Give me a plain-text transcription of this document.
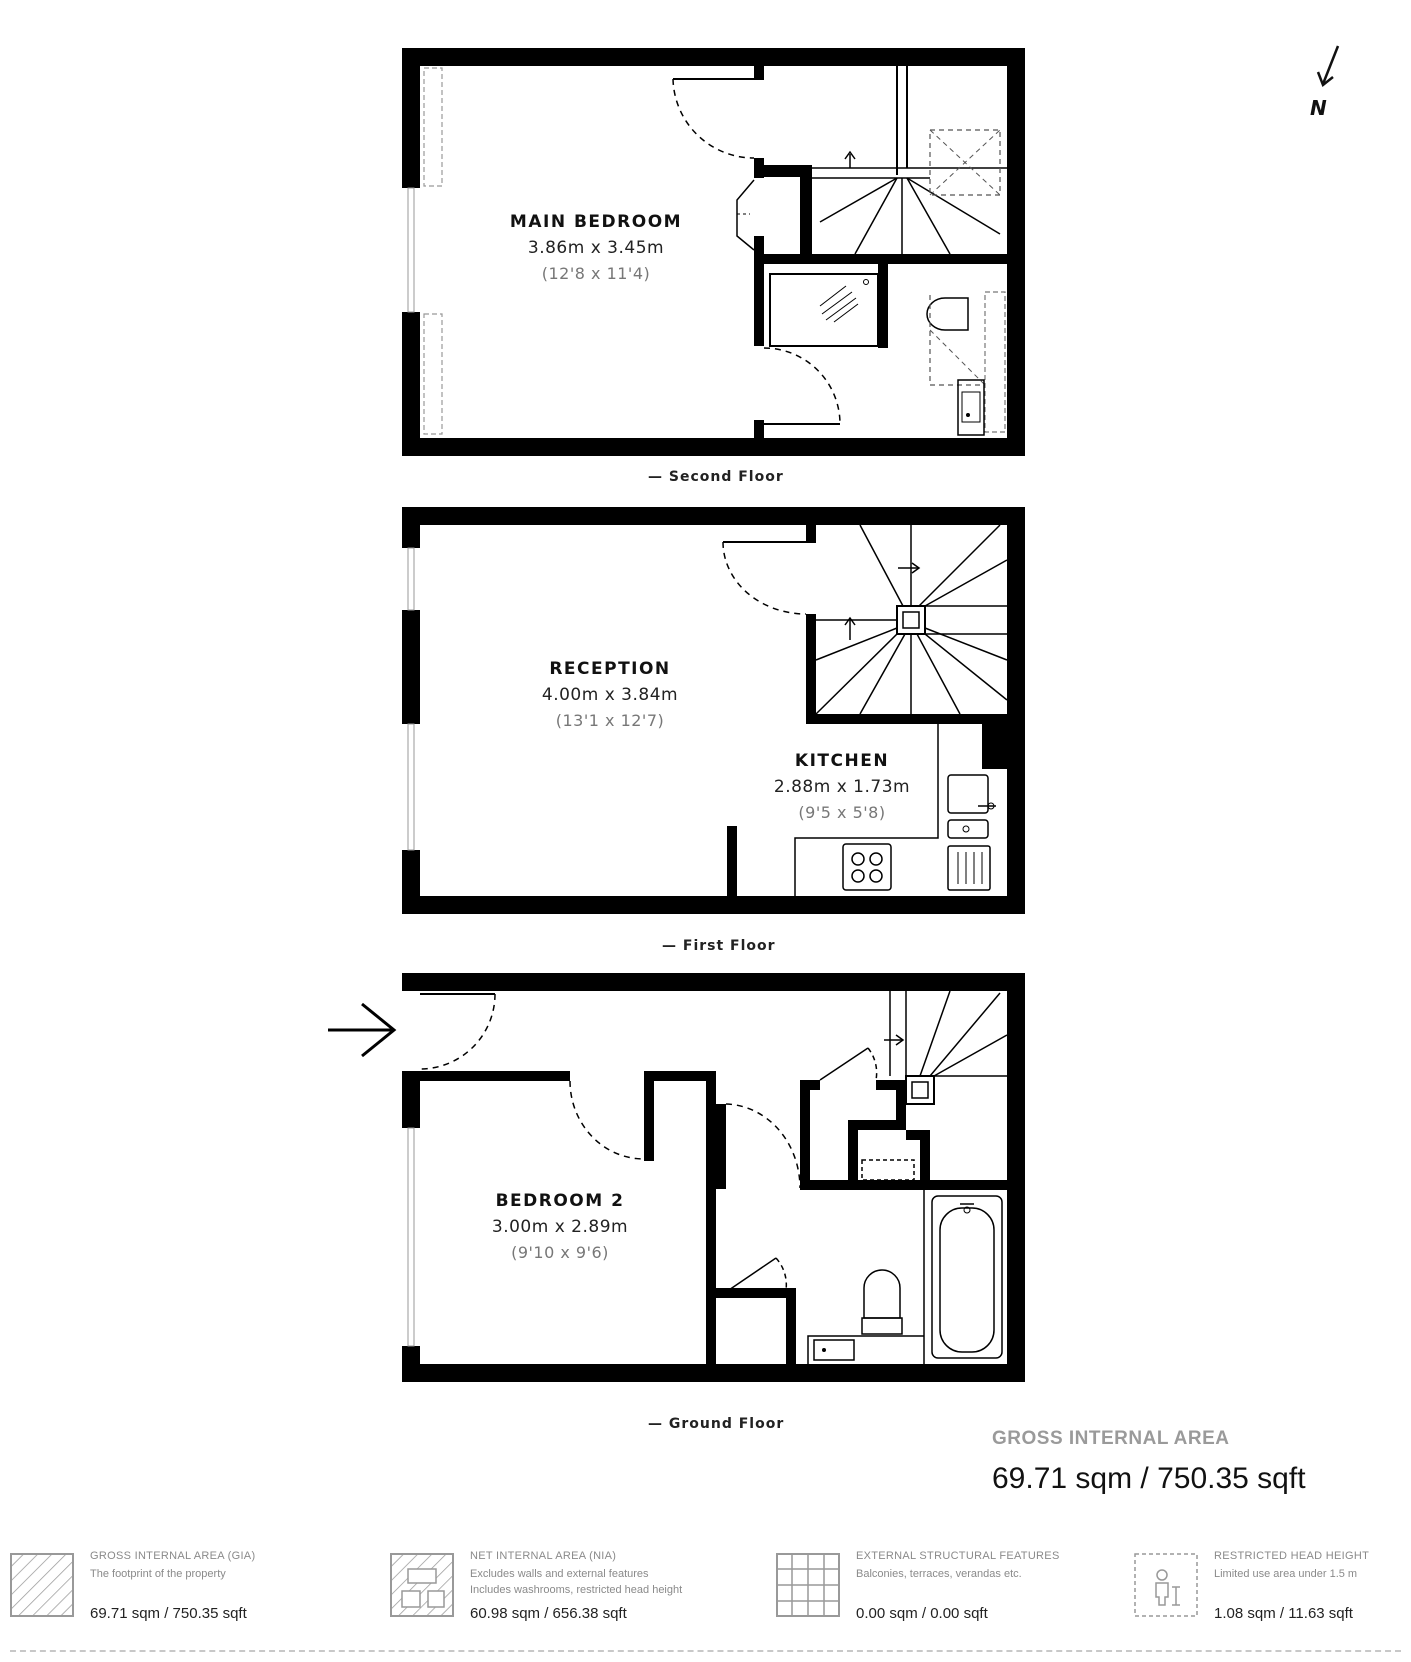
N
MAIN BEDROOM
3.86m x 3.45m
(12'8 x 11'4)
— Second Floor
RECEPTION
4.00m x 3.84m
(13'1 x 12'7)
KITCHEN
2.88m x 1.73m
(9'5 x 5'8)
— First Floor
BEDROOM 2
3.00m x 2.89m
(9'10 x 9'6)
— Ground Floor
GROSS INTERNAL AREA
69.71 sqm / 750.35 sqft
GROSS INTERNAL AREA (GIA)
The footprint of the property
69.71 sqm / 750.35 sqft
NET INTERNAL AREA (NIA)
Excludes walls and external features
Includes washrooms, restricted head height
60.98 sqm / 656.38 sqft
EXTERNAL STRUCTURAL FEATURES
Balconies, terraces, verandas etc.
0.00 sqm / 0.00 sqft
RESTRICTED HEAD HEIGHT
Limited use area under 1.5 m
1.08 sqm / 11.63 sqft
